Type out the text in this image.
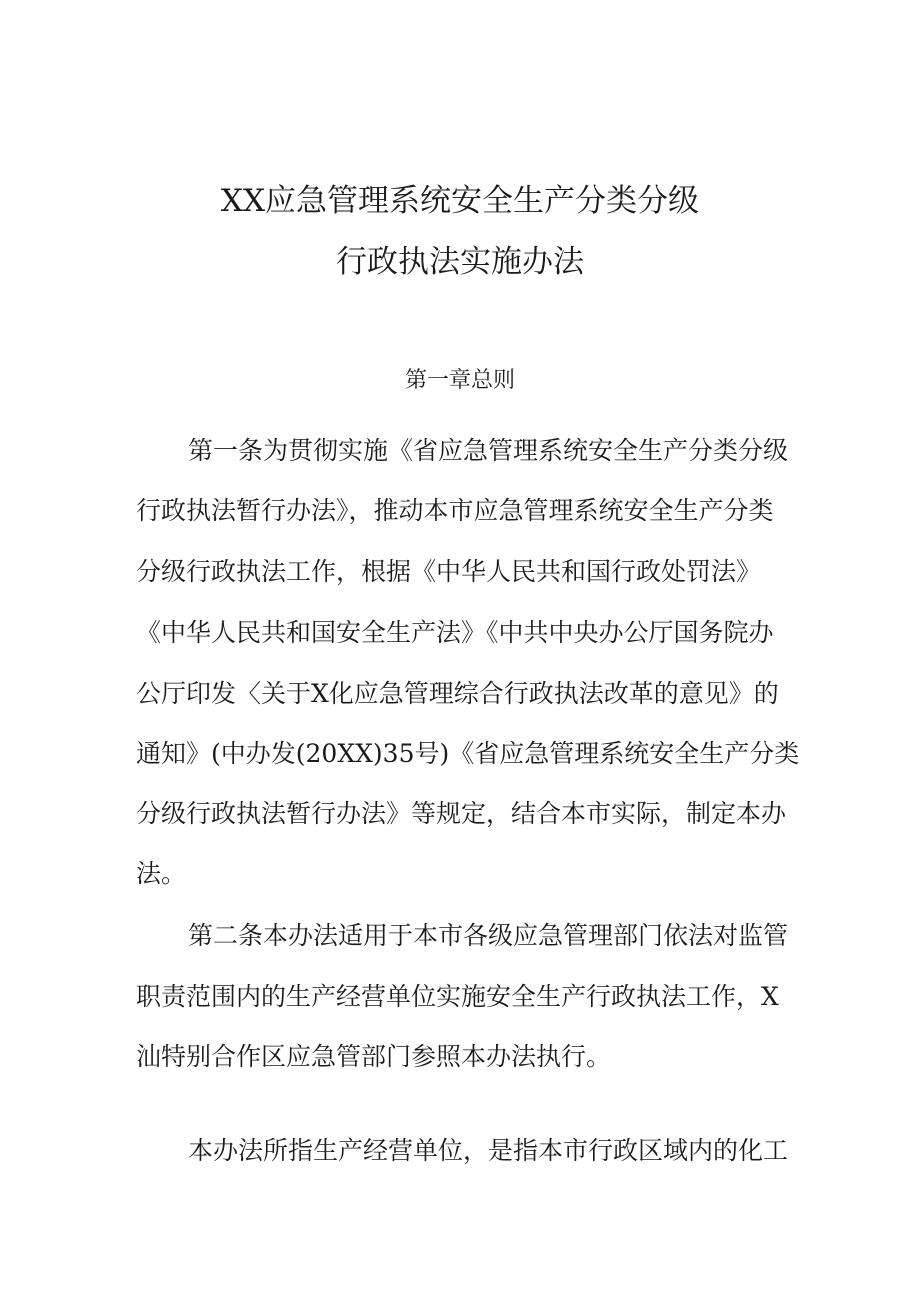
XX应急管理系统安全生产分类分级
行政执法实施办法
第一章总则
第一条为贯彻实施《省应急管理系统安全生产分类分级
行政执法暂行办法》，推动本市应急管理系统安全生产分类
分级行政执法工作，根据《中华人民共和国行政处罚法》
《中华人民共和国安全生产法》《中共中央办公厅国务院办
公厅印发〈关于X化应急管理综合行政执法改革的意见》的
通知》(中办发(20XX)35号)《省应急管理系统安全生产分类
分级行政执法暂行办法》等规定，结合本市实际，制定本办
法。
第二条本办法适用于本市各级应急管理部门依法对监管
职责范围内的生产经营单位实施安全生产行政执法工作，X
汕特别合作区应急管部门参照本办法执行。
本办法所指生产经营单位，是指本市行政区域内的化工
